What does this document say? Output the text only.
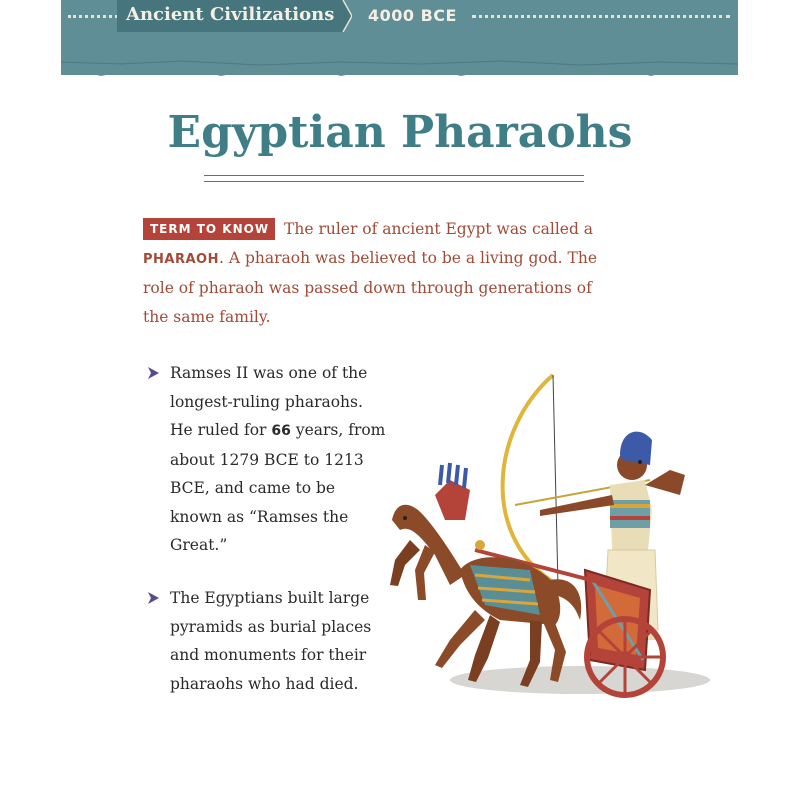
Ancient Civilizations 4000 BCE
Egyptian Pharaohs
TERM TO KNOW The ruler of ancient Egypt was called a
PHARAOH. A pharaoh was believed to be a living god. The role of pharaoh was passed down through generations of the same family.
Ramses II was one of the longest-ruling pharaohs. He ruled for 66 years, from about 1279 BCE to 1213 BCE, and came to be known as “Ramses the Great.”
The Egyptians built large pyramids as burial places and monuments for their pharaohs who had died.
